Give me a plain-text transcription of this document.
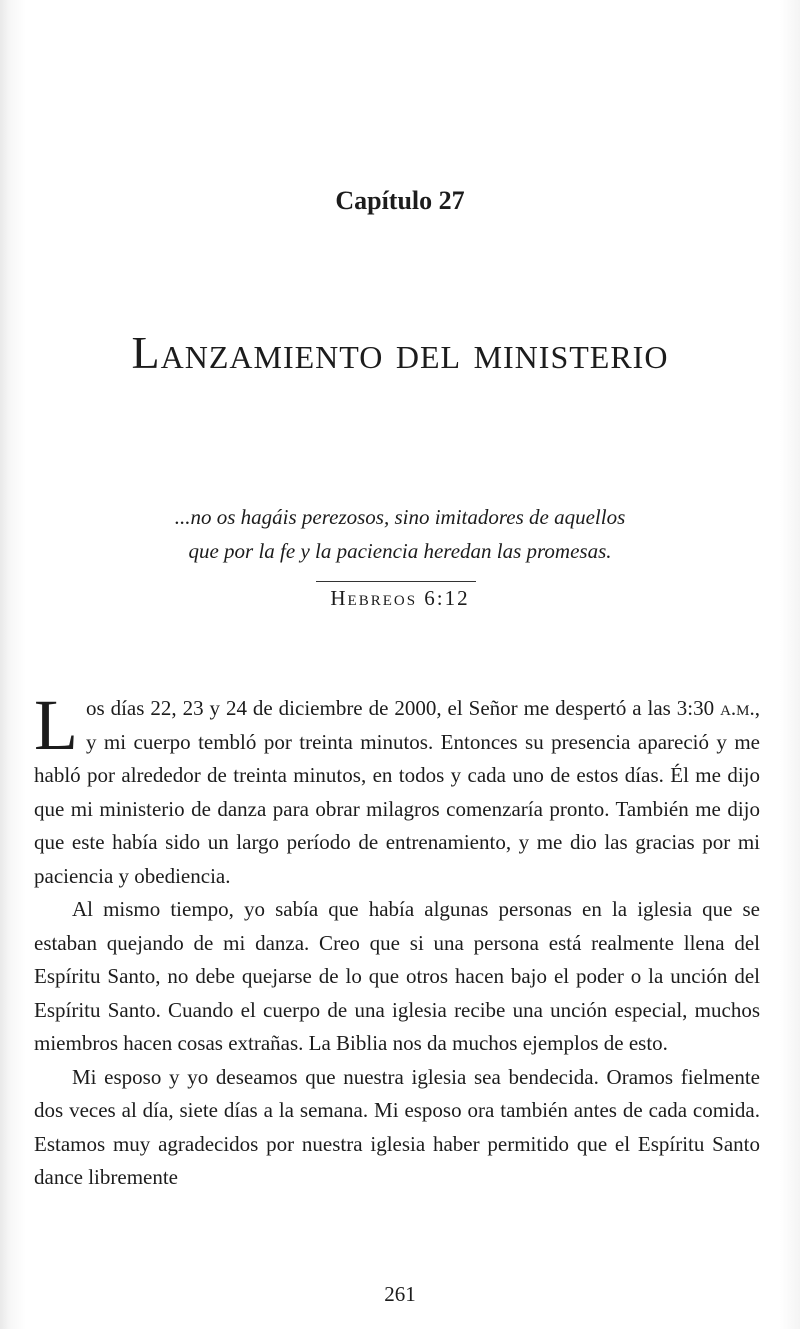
Capítulo 27
Lanzamiento del ministerio
...no os hagáis perezosos, sino imitadores de aquellos
que por la fe y la paciencia heredan las promesas.
Hebreos 6:12

Los días 22, 23 y 24 de diciembre de 2000, el Señor me despertó a las 3:30 a.m., y mi cuerpo tembló por treinta minutos. Entonces su presencia apareció y me habló por alrededor de treinta minutos, en todos y cada uno de estos días. Él me dijo que mi ministerio de danza para obrar milagros comenzaría pronto. También me dijo que este había sido un largo período de entrenamiento, y me dio las gracias por mi paciencia y obediencia.

Al mismo tiempo, yo sabía que había algunas personas en la iglesia que se estaban quejando de mi danza. Creo que si una persona está realmente llena del Espíritu Santo, no debe quejarse de lo que otros hacen bajo el poder o la unción del Espíritu Santo. Cuando el cuerpo de una iglesia recibe una unción especial, muchos miembros hacen cosas extrañas. La Biblia nos da muchos ejemplos de esto.

Mi esposo y yo deseamos que nuestra iglesia sea bendecida. Oramos fielmente dos veces al día, siete días a la semana. Mi esposo ora también antes de cada comida. Estamos muy agradecidos por nuestra iglesia haber permitido que el Espíritu Santo dance libremente

261
